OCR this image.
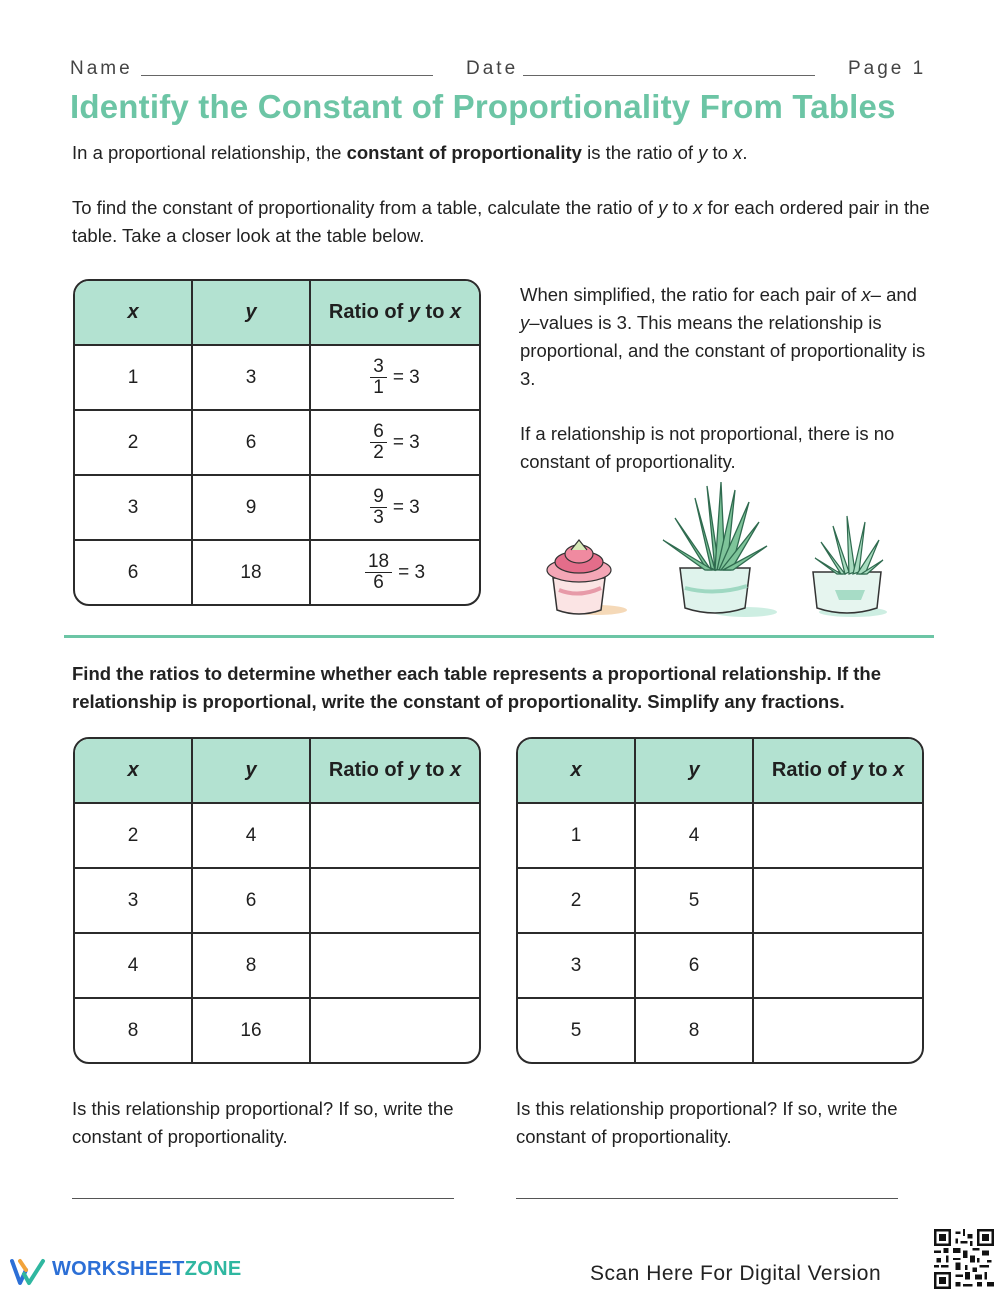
Name	Date	Page 1
Identify the Constant of Proportionality From Tables
In a proportional relationship, the constant of proportionality is the ratio of y to x.
To find the constant of proportionality from a table, calculate the ratio of y to x for each ordered pair in the table. Take a closer look at the table below.
x	y	Ratio of y to x
1	3	$\frac{3}{1} = 3$
2	6	$\frac{6}{2} = 3$
3	9	$\frac{9}{3} = 3$
6	18	$\frac{18}{6} = 3$
When simplified, the ratio for each pair of x– and y–values is 3. This means the relationship is proportional, and the constant of proportionality is 3.
If a relationship is not proportional, there is no constant of proportionality.
Find the ratios to determine whether each table represents a proportional relationship. If the relationship is proportional, write the constant of proportionality. Simplify any fractions.
x	y	Ratio of y to x
2	4	
3	6	
4	8	
8	16	
x	y	Ratio of y to x
1	4	
2	5	
3	6	
5	8	
Is this relationship proportional? If so, write the constant of proportionality.
Is this relationship proportional? If so, write the constant of proportionality.
WORKSHEETZONE	Scan Here For Digital Version
